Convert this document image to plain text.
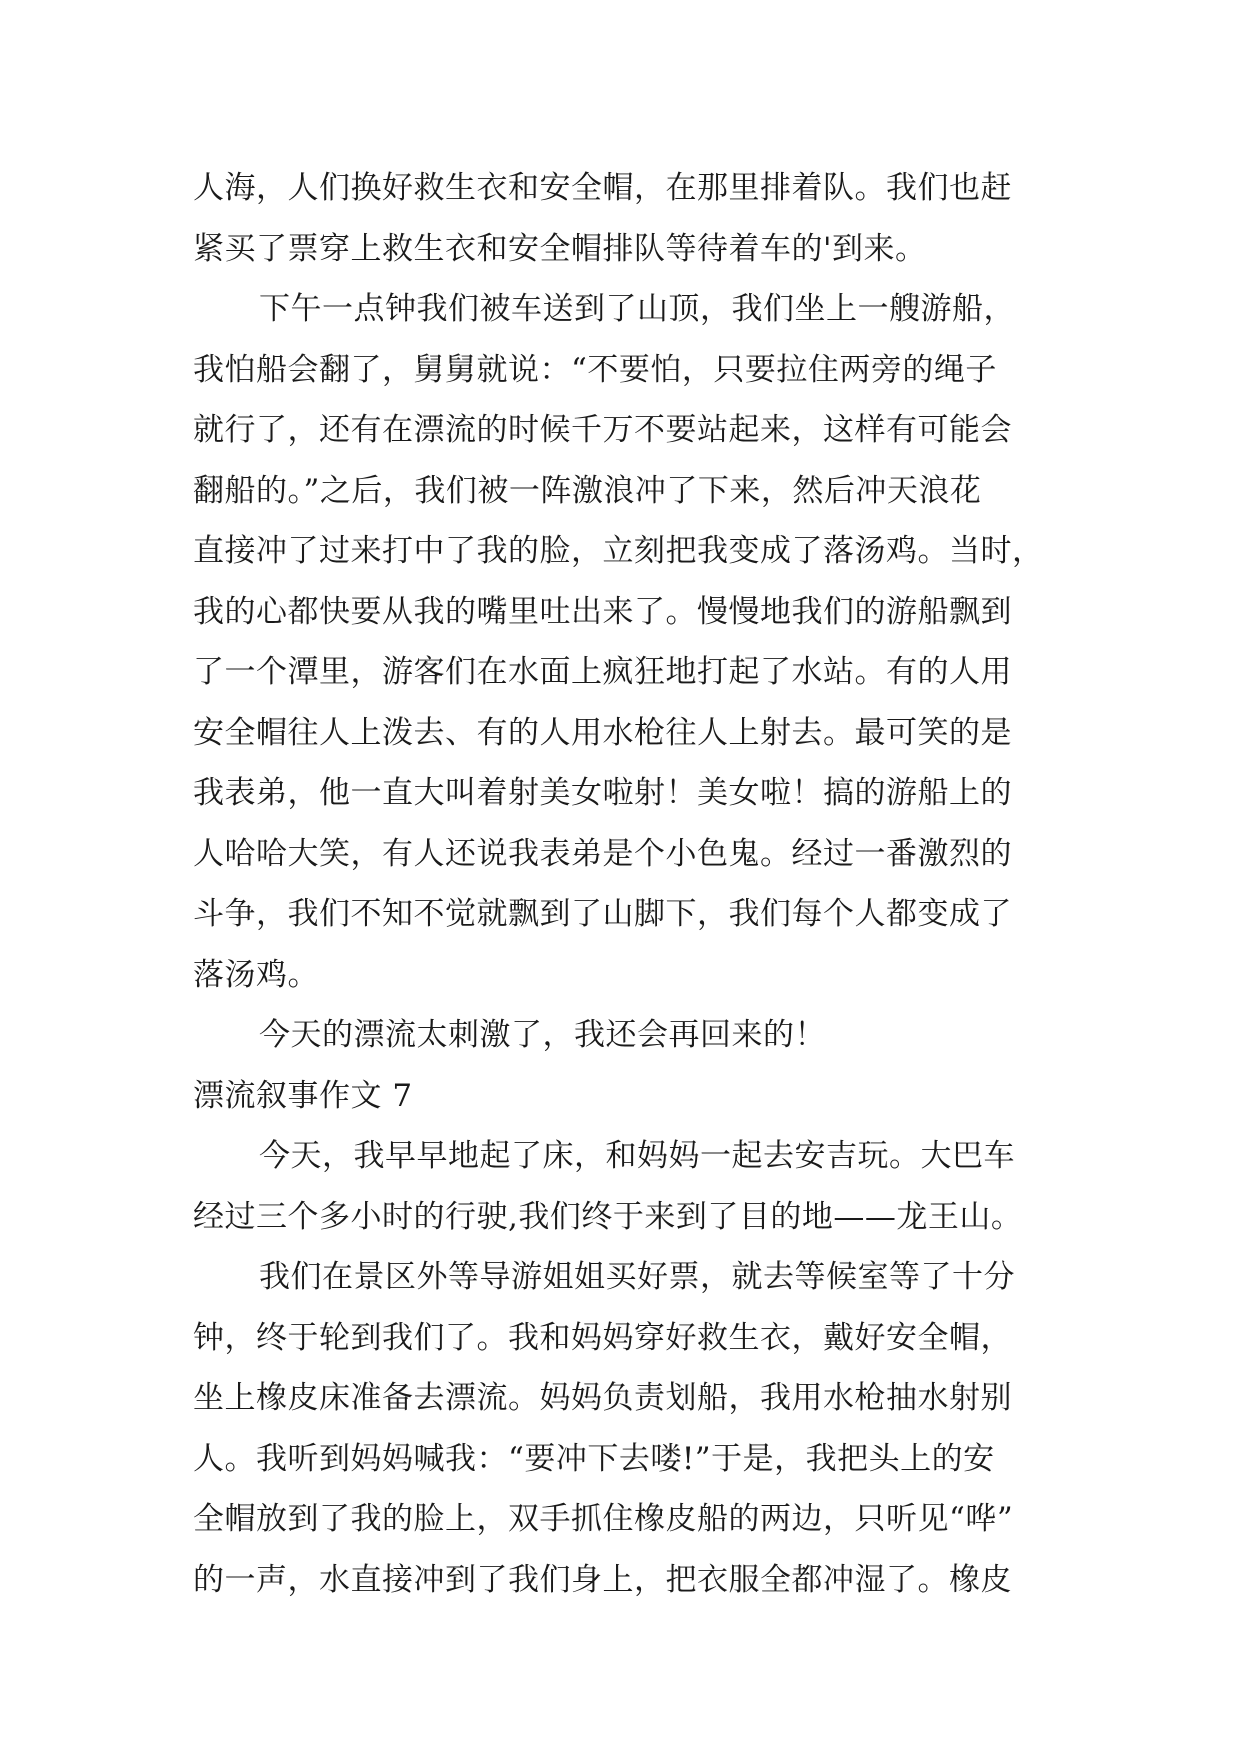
人海，人们换好救生衣和安全帽，在那里排着队。我们也赶
紧买了票穿上救生衣和安全帽排队等待着车的'到来。
下午一点钟我们被车送到了山顶，我们坐上一艘游船，
我怕船会翻了，舅舅就说：“不要怕，只要拉住两旁的绳子
就行了，还有在漂流的时候千万不要站起来，这样有可能会
翻船的。”之后，我们被一阵激浪冲了下来，然后冲天浪花
直接冲了过来打中了我的脸，立刻把我变成了落汤鸡。当时，
我的心都快要从我的嘴里吐出来了。慢慢地我们的游船飘到
了一个潭里，游客们在水面上疯狂地打起了水站。有的人用
安全帽往人上泼去、有的人用水枪往人上射去。最可笑的是
我表弟，他一直大叫着射美女啦射！美女啦！搞的游船上的
人哈哈大笑，有人还说我表弟是个小色鬼。经过一番激烈的
斗争，我们不知不觉就飘到了山脚下，我们每个人都变成了
落汤鸡。
今天的漂流太刺激了，我还会再回来的！
漂流叙事作文 7
今天，我早早地起了床，和妈妈一起去安吉玩。大巴车
经过三个多小时的行驶,我们终于来到了目的地——龙王山。
我们在景区外等导游姐姐买好票，就去等候室等了十分
钟，终于轮到我们了。我和妈妈穿好救生衣，戴好安全帽，
坐上橡皮床准备去漂流。妈妈负责划船，我用水枪抽水射别
人。我听到妈妈喊我：“要冲下去喽!”于是，我把头上的安
全帽放到了我的脸上，双手抓住橡皮船的两边，只听见“哗”
的一声，水直接冲到了我们身上，把衣服全都冲湿了。橡皮
